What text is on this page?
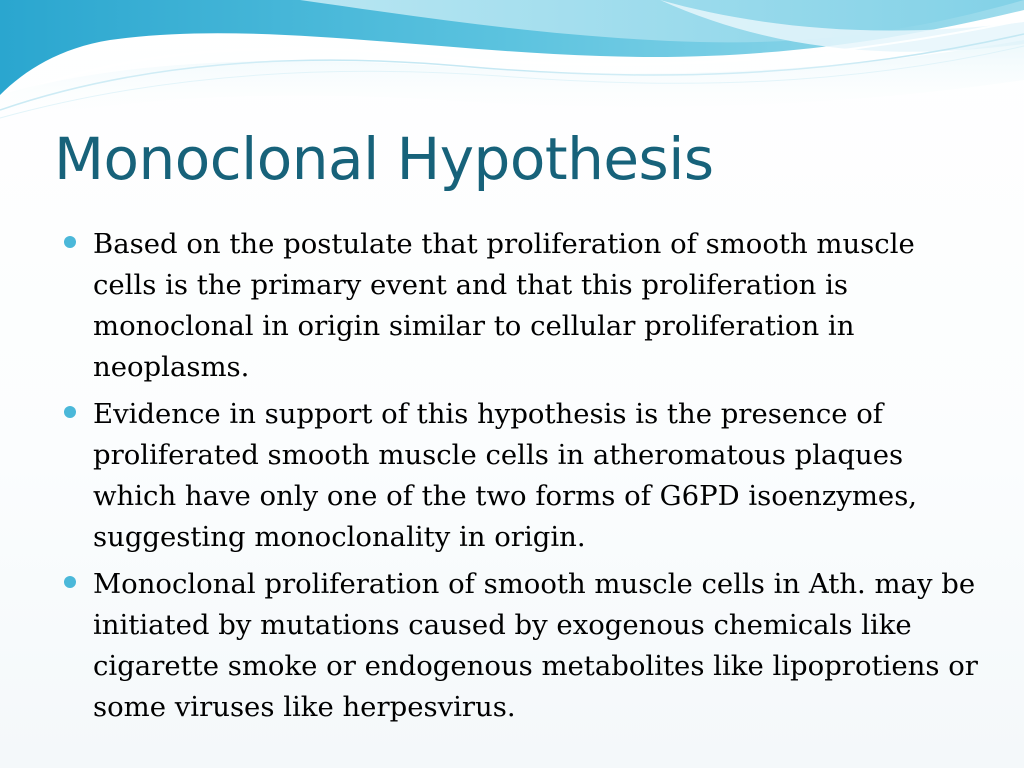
Monoclonal Hypothesis
Based on the postulate that proliferation of smooth muscle cells is the primary event and that this proliferation is monoclonal in origin similar to cellular proliferation in neoplasms.
Evidence in support of this hypothesis is the presence of proliferated smooth muscle cells in atheromatous plaques which have only one of the two forms of G6PD isoenzymes, suggesting monoclonality in origin.
Monoclonal proliferation of smooth muscle cells in Ath. may be initiated by mutations caused by exogenous chemicals like cigarette smoke or endogenous metabolites like lipoprotiens or some viruses like herpesvirus.
